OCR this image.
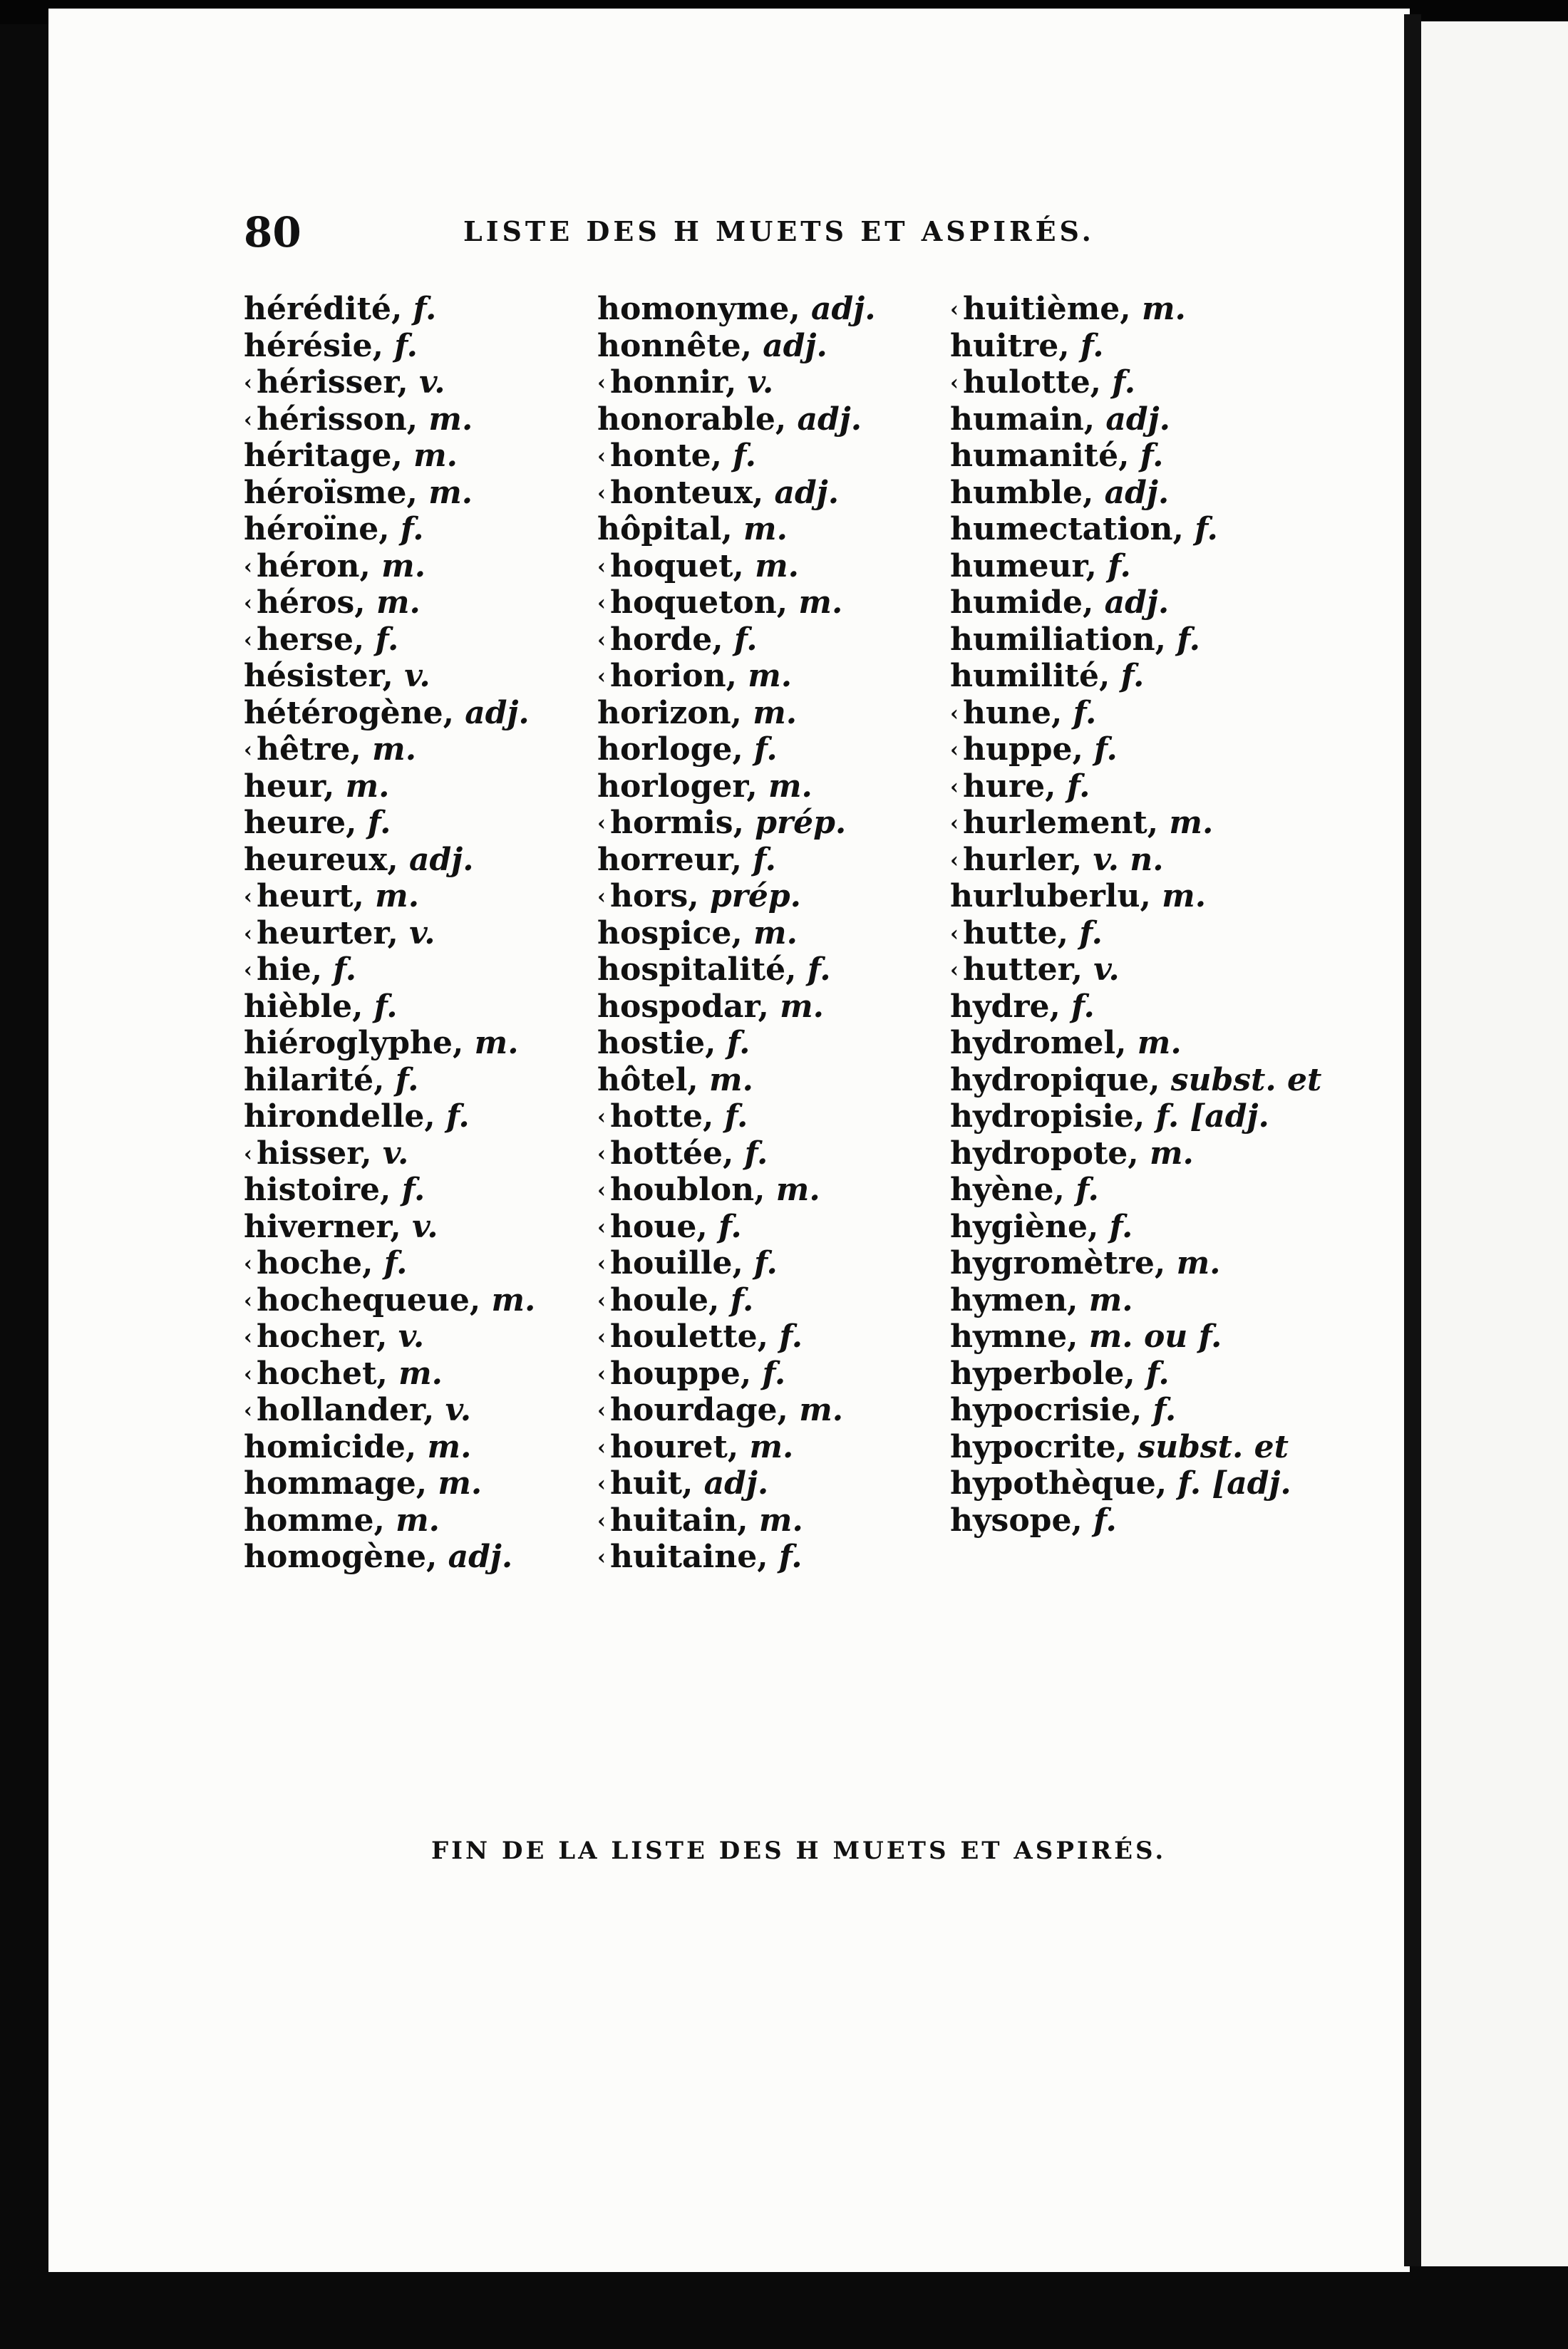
80	LISTE DES H MUETS ET ASPIRÉS.
hérédité, f.
hérésie, f.
‹ hérisser, v.
‹ hérisson, m.
héritage, m.
héroïsme, m.
héroïne, f.
‹ héron, m.
‹ héros, m.
‹ herse, f.
hésister, v.
hétérogène, adj.
‹ hêtre, m.
heur, m.
heure, f.
heureux, adj.
‹ heurt, m.
‹ heurter, v.
‹ hie, f.
hièble, f.
hiéroglyphe, m.
hilarité, f.
hirondelle, f.
‹ hisser, v.
histoire, f.
hiverner, v.
‹ hoche, f.
‹ hochequeue, m.
‹ hocher, v.
‹ hochet, m.
‹ hollander, v.
homicide, m.
hommage, m.
homme, m.
homogène, adj.
homonyme, adj.
honnête, adj.
‹ honnir, v.
honorable, adj.
‹ honte, f.
‹ honteux, adj.
hôpital, m.
‹ hoquet, m.
‹ hoqueton, m.
‹ horde, f.
‹ horion, m.
horizon, m.
horloge, f.
horloger, m.
‹ hormis, prép.
horreur, f.
‹ hors, prép.
hospice, m.
hospitalité, f.
hospodar, m.
hostie, f.
hôtel, m.
‹ hotte, f.
‹ hottée, f.
‹ houblon, m.
‹ houe, f.
‹ houille, f.
‹ houle, f.
‹ houlette, f.
‹ houppe, f.
‹ hourdage, m.
‹ houret, m.
‹ huit, adj.
‹ huitain, m.
‹ huitaine, f.
‹ huitième, m.
huitre, f.
‹ hulotte, f.
humain, adj.
humanité, f.
humble, adj.
humectation, f.
humeur, f.
humide, adj.
humiliation, f.
humilité, f.
‹ hune, f.
‹ huppe, f.
‹ hure, f.
‹ hurlement, m.
‹ hurler, v. n.
hurluberlu, m.
‹ hutte, f.
‹ hutter, v.
hydre, f.
hydromel, m.
hydropique, subst. et
hydropisie, f. [adj.
hydropote, m.
hyène, f.
hygiène, f.
hygromètre, m.
hymen, m.
hymne, m. ou f.
hyperbole, f.
hypocrisie, f.
hypocrite, subst. et
hypothèque, f. [adj.
hysope, f.
FIN DE LA LISTE DES H MUETS ET ASPIRÉS.
